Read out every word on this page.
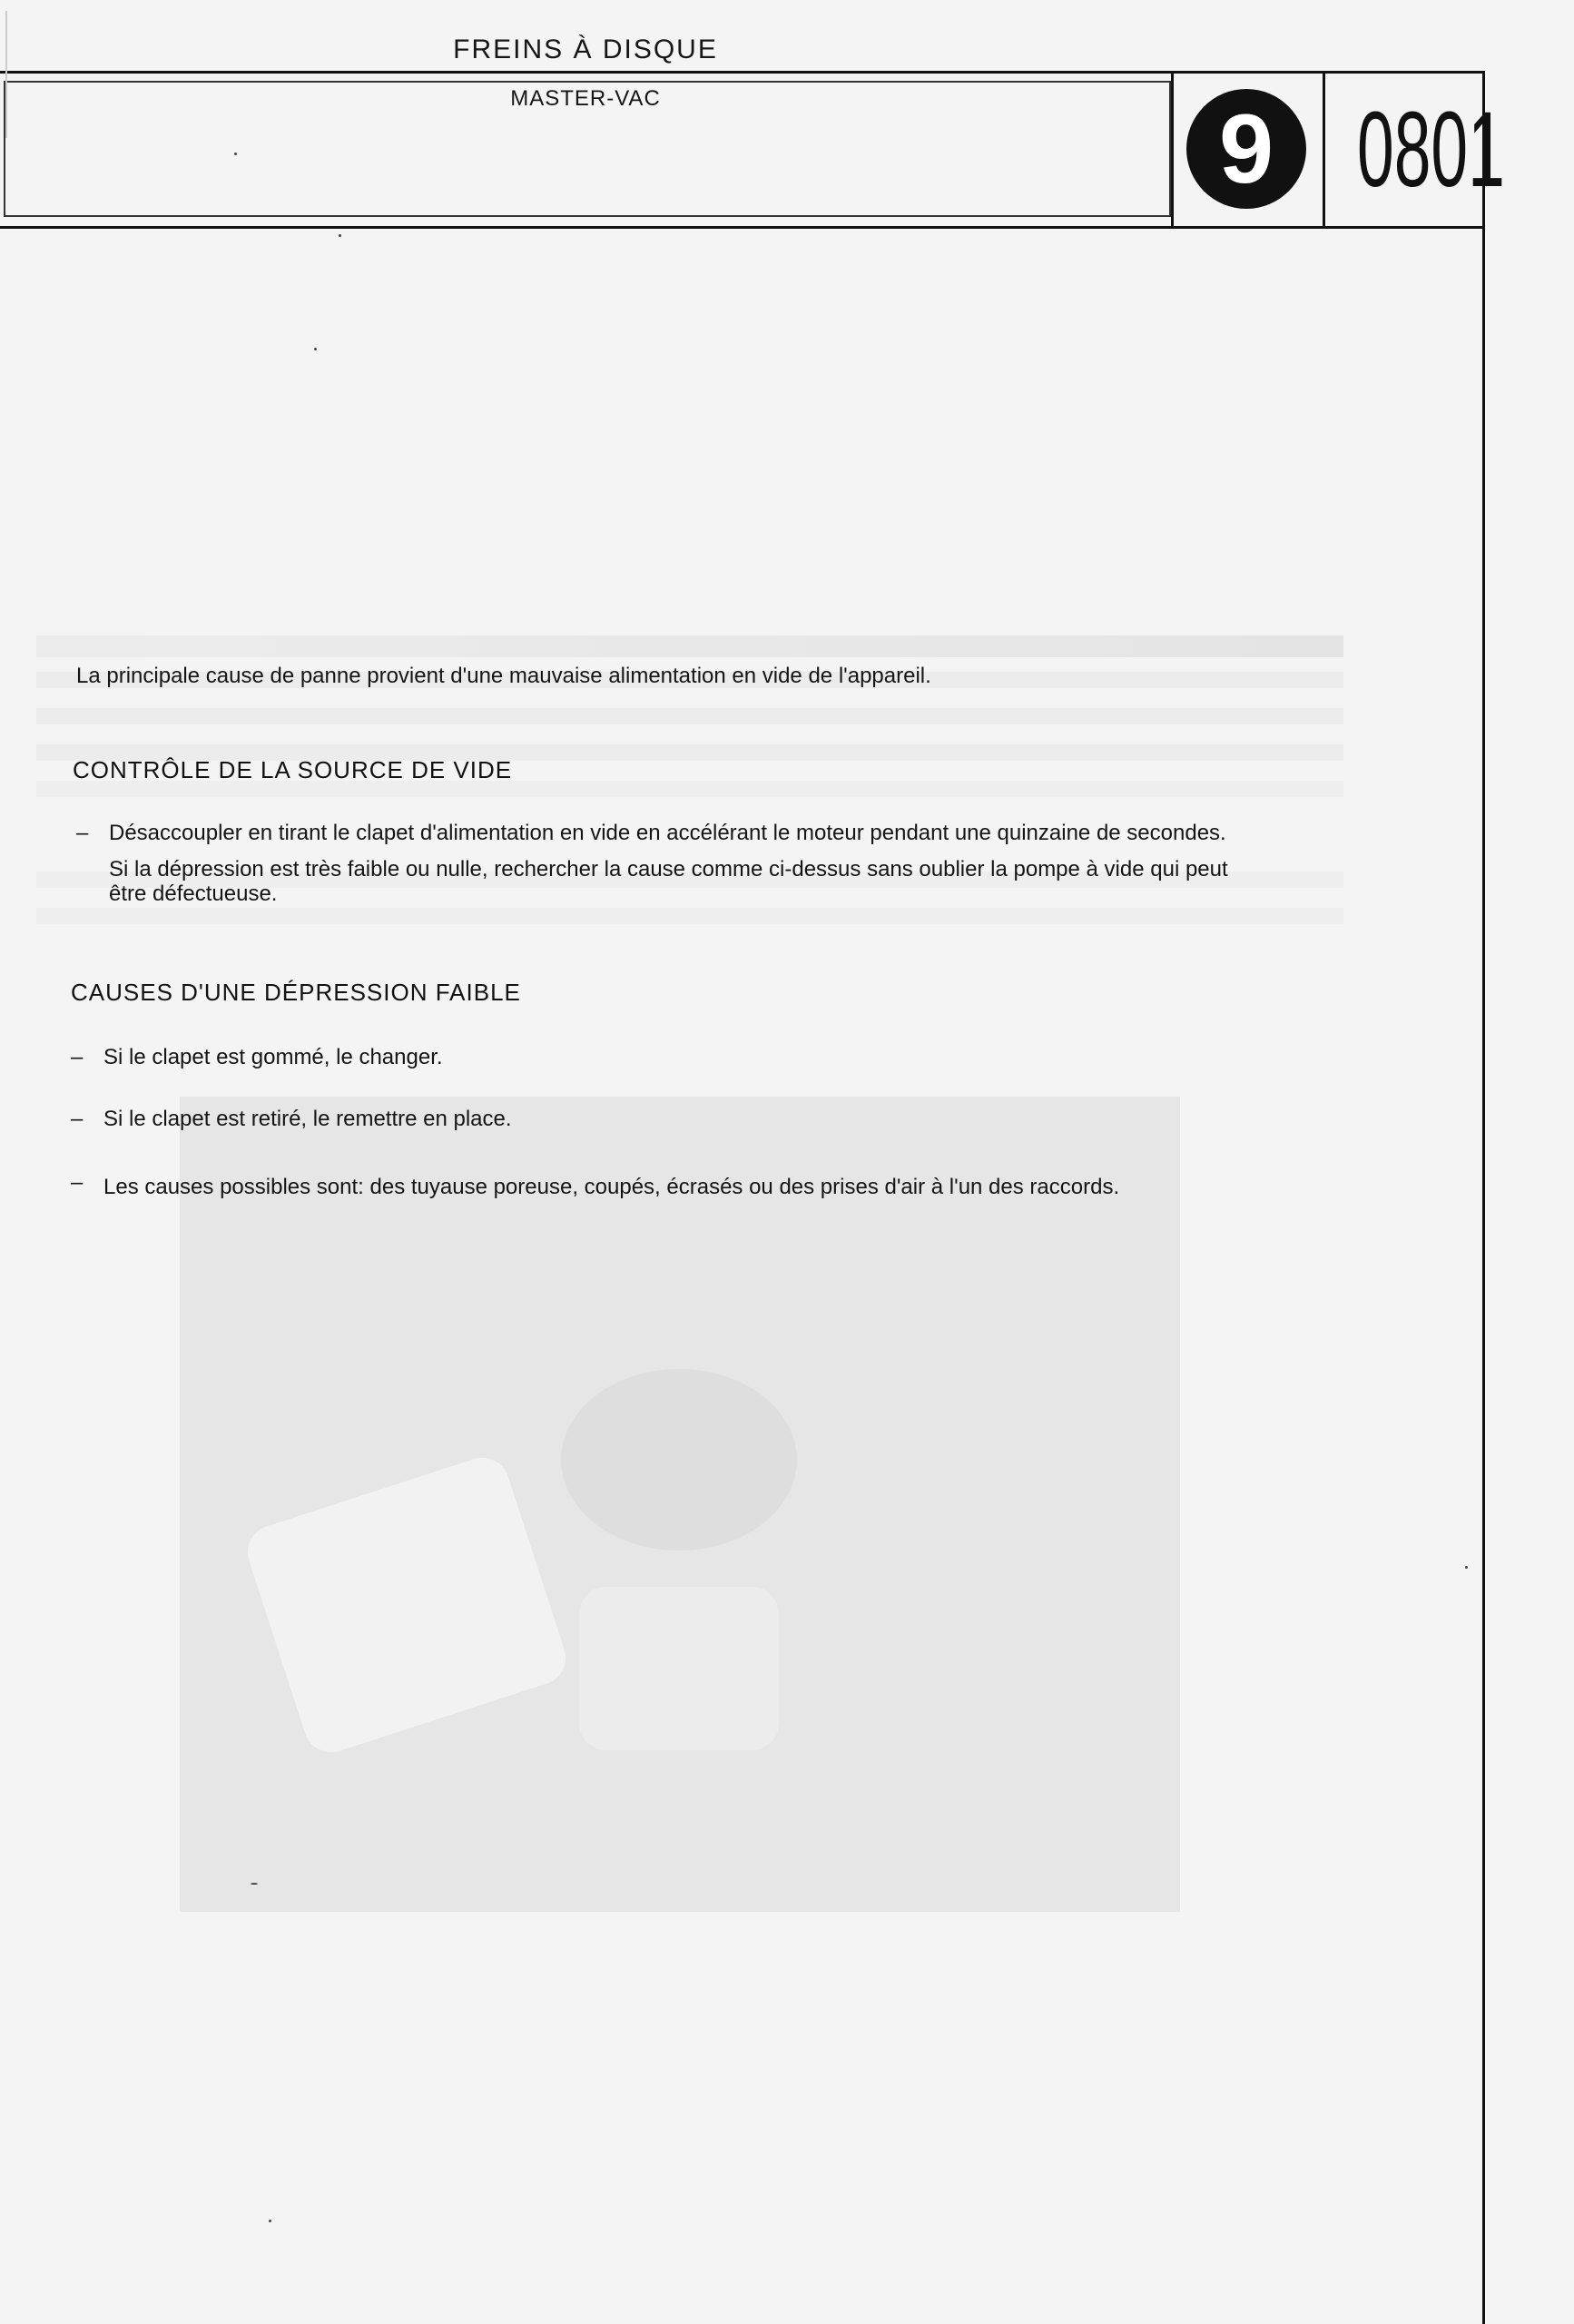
FREINS À DISQUE
MASTER-VAC	9 0801
La principale cause de panne provient d'une mauvaise alimentation en vide de l'appareil.
CONTRÔLE DE LA SOURCE DE VIDE
– Désaccoupler en tirant le clapet d'alimentation en vide en accélérant le moteur pendant une quinzaine de secondes.
Si la dépression est très faible ou nulle, rechercher la cause comme ci-dessus sans oublier la pompe à vide qui peut
être défectueuse.
CAUSES D'UNE DÉPRESSION FAIBLE
– Si le clapet est gommé, le changer.
– Si le clapet est retiré, le remettre en place.
– Les causes possibles sont: des tuyause poreuse, coupés, écrasés ou des prises d'air à l'un des raccords.
